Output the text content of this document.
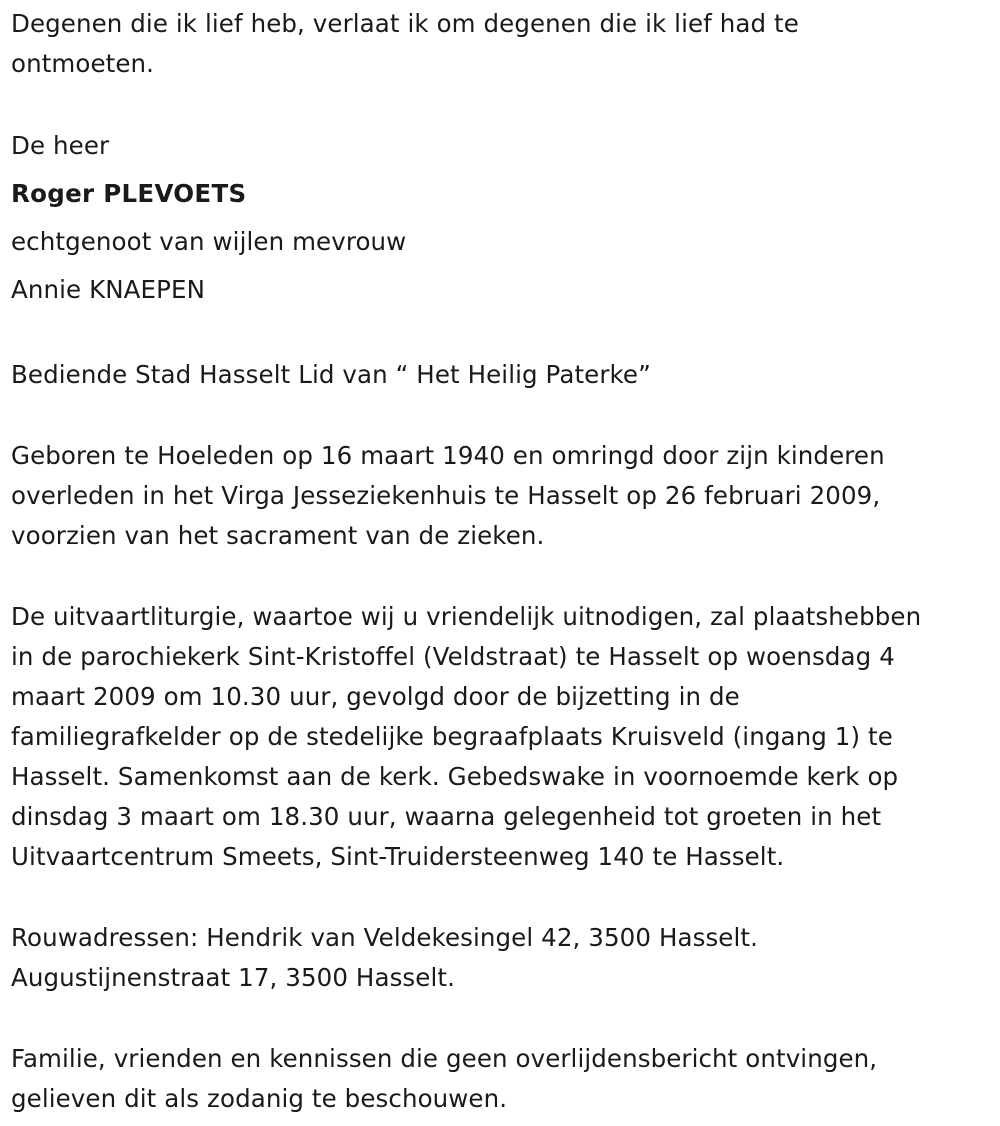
Degenen die ik lief heb, verlaat ik om degenen die ik lief had te

ontmoeten.

De heer

Roger PLEVOETS

echtgenoot van wijlen mevrouw

Annie KNAEPEN

Bediende Stad Hasselt Lid van “ Het Heilig Paterke”

Geboren te Hoeleden op 16 maart 1940 en omringd door zijn kinderen

overleden in het Virga Jesseziekenhuis te Hasselt op 26 februari 2009,

voorzien van het sacrament van de zieken.

De uitvaartliturgie, waartoe wij u vriendelijk uitnodigen, zal plaatshebben

in de parochiekerk Sint-Kristoffel (Veldstraat) te Hasselt op woensdag 4

maart 2009 om 10.30 uur, gevolgd door de bijzetting in de

familiegrafkelder op de stedelijke begraafplaats Kruisveld (ingang 1) te

Hasselt. Samenkomst aan de kerk. Gebedswake in voornoemde kerk op

dinsdag 3 maart om 18.30 uur, waarna gelegenheid tot groeten in het

Uitvaartcentrum Smeets, Sint-Truidersteenweg 140 te Hasselt.

Rouwadressen: Hendrik van Veldekesingel 42, 3500 Hasselt.

Augustijnenstraat 17, 3500 Hasselt.

Familie, vrienden en kennissen die geen overlijdensbericht ontvingen,

gelieven dit als zodanig te beschouwen.
